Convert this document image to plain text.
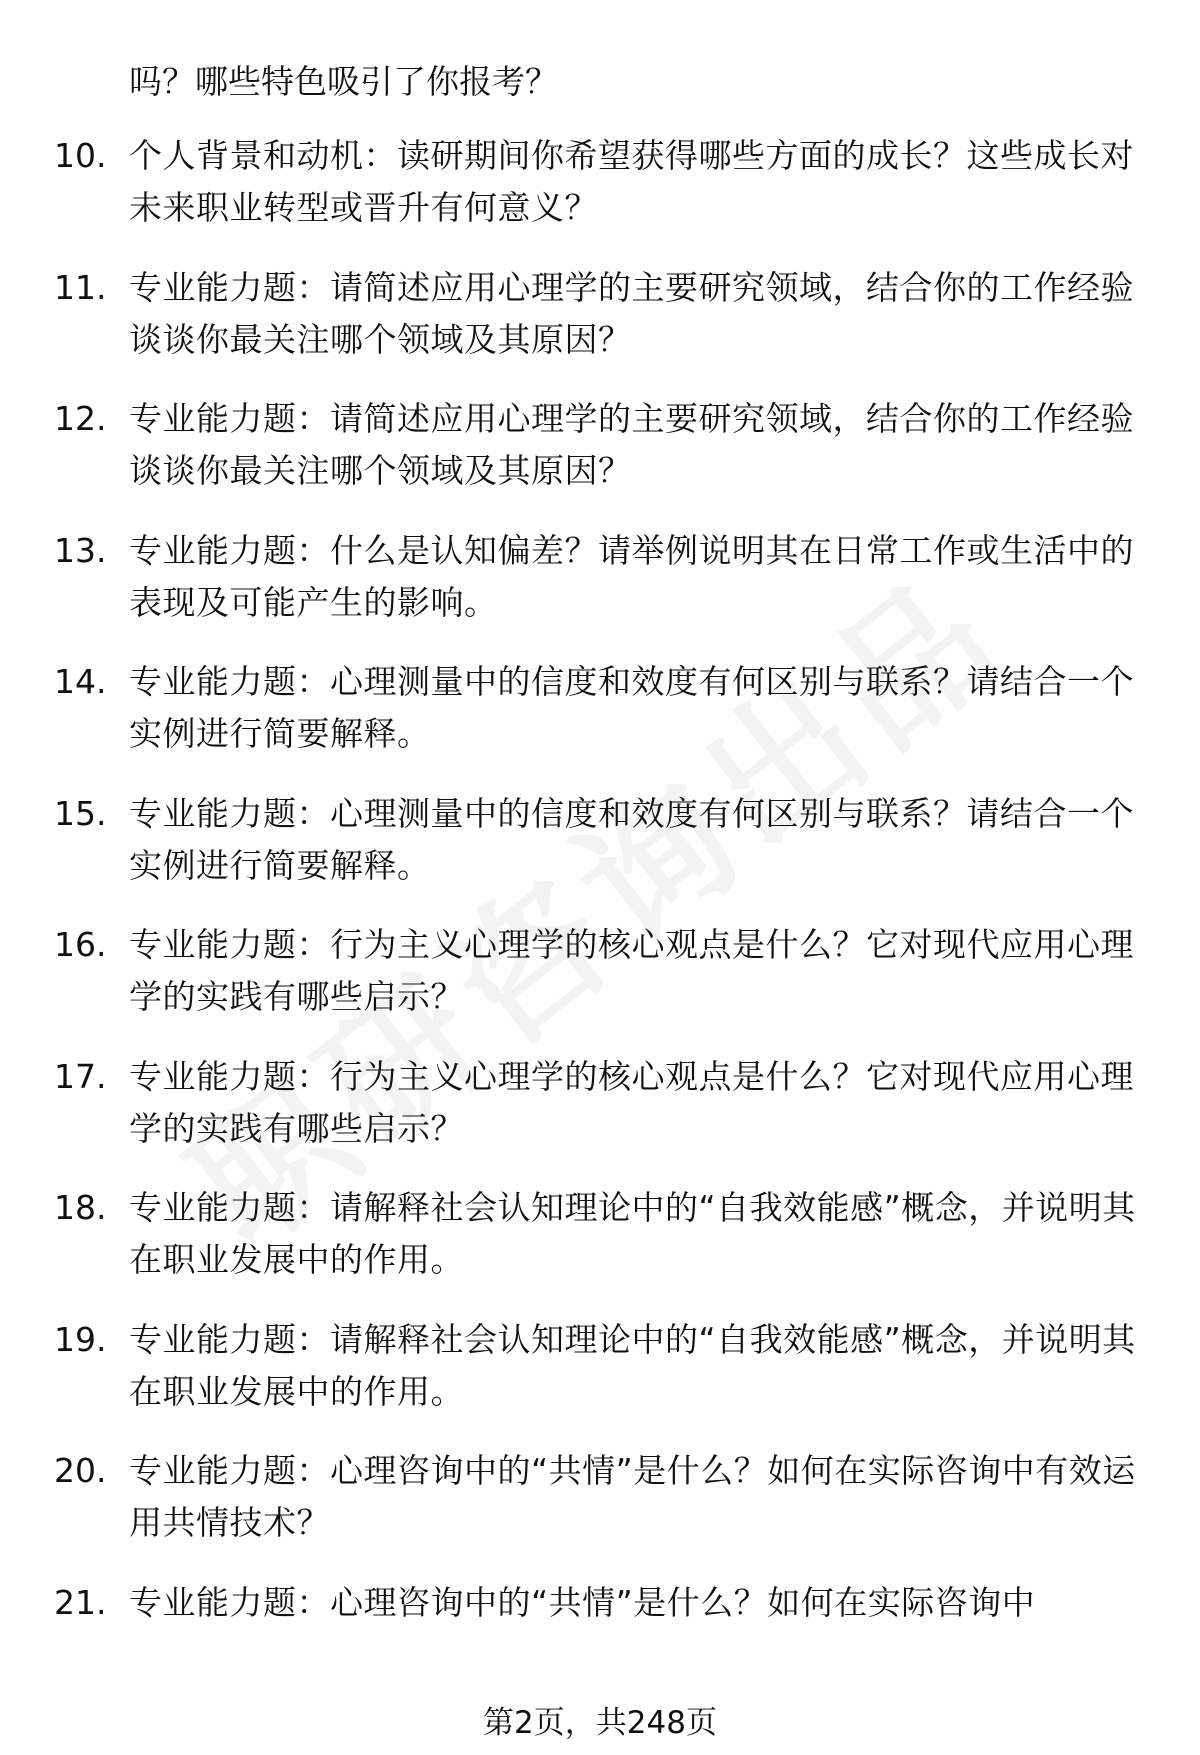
吗？哪些特色吸引了你报考？
10. 个人背景和动机：读研期间你希望获得哪些方面的成长？这些成长对未来职业转型或晋升有何意义？
11. 专业能力题：请简述应用心理学的主要研究领域，结合你的工作经验谈谈你最关注哪个领域及其原因？
12. 专业能力题：请简述应用心理学的主要研究领域，结合你的工作经验谈谈你最关注哪个领域及其原因？
13. 专业能力题：什么是认知偏差？请举例说明其在日常工作或生活中的表现及可能产生的影响。
14. 专业能力题：心理测量中的信度和效度有何区别与联系？请结合一个实例进行简要解释。
15. 专业能力题：心理测量中的信度和效度有何区别与联系？请结合一个实例进行简要解释。
16. 专业能力题：行为主义心理学的核心观点是什么？它对现代应用心理学的实践有哪些启示？
17. 专业能力题：行为主义心理学的核心观点是什么？它对现代应用心理学的实践有哪些启示？
18. 专业能力题：请解释社会认知理论中的“自我效能感”概念，并说明其在职业发展中的作用。
19. 专业能力题：请解释社会认知理论中的“自我效能感”概念，并说明其在职业发展中的作用。
20. 专业能力题：心理咨询中的“共情”是什么？如何在实际咨询中有效运用共情技术？
21. 专业能力题：心理咨询中的“共情”是什么？如何在实际咨询中
第2页，共248页
